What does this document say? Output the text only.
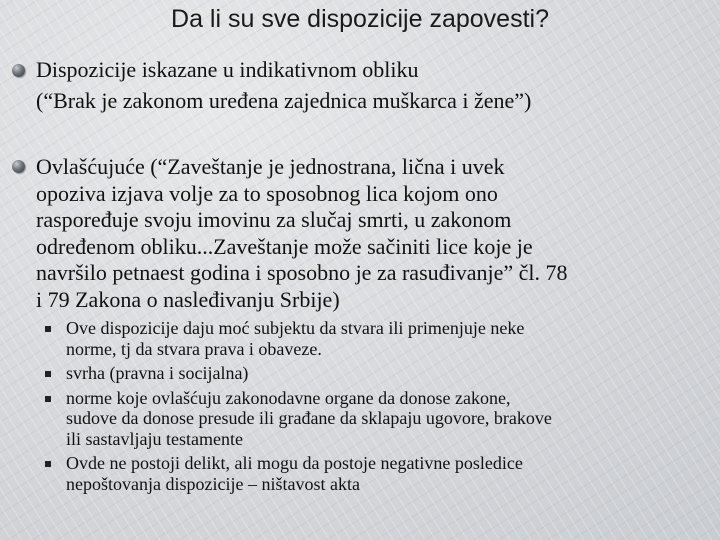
Da li su sve dispozicije zapovesti?
Dispozicije iskazane u indikativnom obliku
(“Brak je zakonom uređena zajednica muškarca i žene”)
Ovlašćujuće (“Zaveštanje je jednostrana, lična i uvek
opoziva izjava volje za to sposobnog lica kojom ono
raspoređuje svoju imovinu za slučaj smrti, u zakonom
određenom obliku...Zaveštanje može sačiniti lice koje je
navršilo petnaest godina i sposobno je za rasuđivanje” čl. 78
i 79 Zakona o nasleđivanju Srbije)
Ove dispozicije daju moć subjektu da stvara ili primenjuje neke
norme, tj da stvara prava i obaveze.
svrha (pravna i socijalna)
norme koje ovlašćuju zakonodavne organe da donose zakone,
sudove da donose presude ili građane da sklapaju ugovore, brakove
ili sastavljaju testamente
Ovde ne postoji delikt, ali mogu da postoje negativne posledice
nepoštovanja dispozicije – ništavost akta
